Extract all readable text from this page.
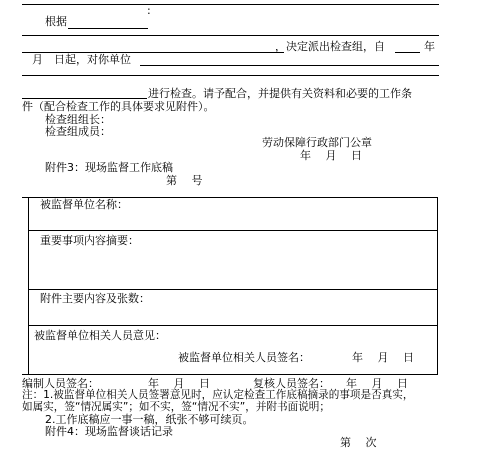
:
根据
，决定派出检查组，自	年
月　日起，对你单位
进行检查。请予配合，并提供有关资料和必要的工作条
件（配合检查工作的具体要求见附件）。
检查组组长：
检查组成员：
劳动保障行政部门公章
年　 月　 日
附件3：现场监督工作底稿
第　 号
被监督单位名称：
重要事项内容摘要：
附件主要内容及张数：
被监督单位相关人员意见：
被监督单位相关人员签名：	年　 月　 日
编制人员签名：	年　 月　 日	复核人员签名： 年　 月　 日
注：1.被监督单位相关人员签署意见时，应认定检查工作底稿摘录的事项是否真实，
如属实，签“情况属实”；如不实，签“情况不实”，并附书面说明；
2.工作底稿应一事一稿，纸张不够可续页。
附件4：现场监督谈话记录
第　 次
